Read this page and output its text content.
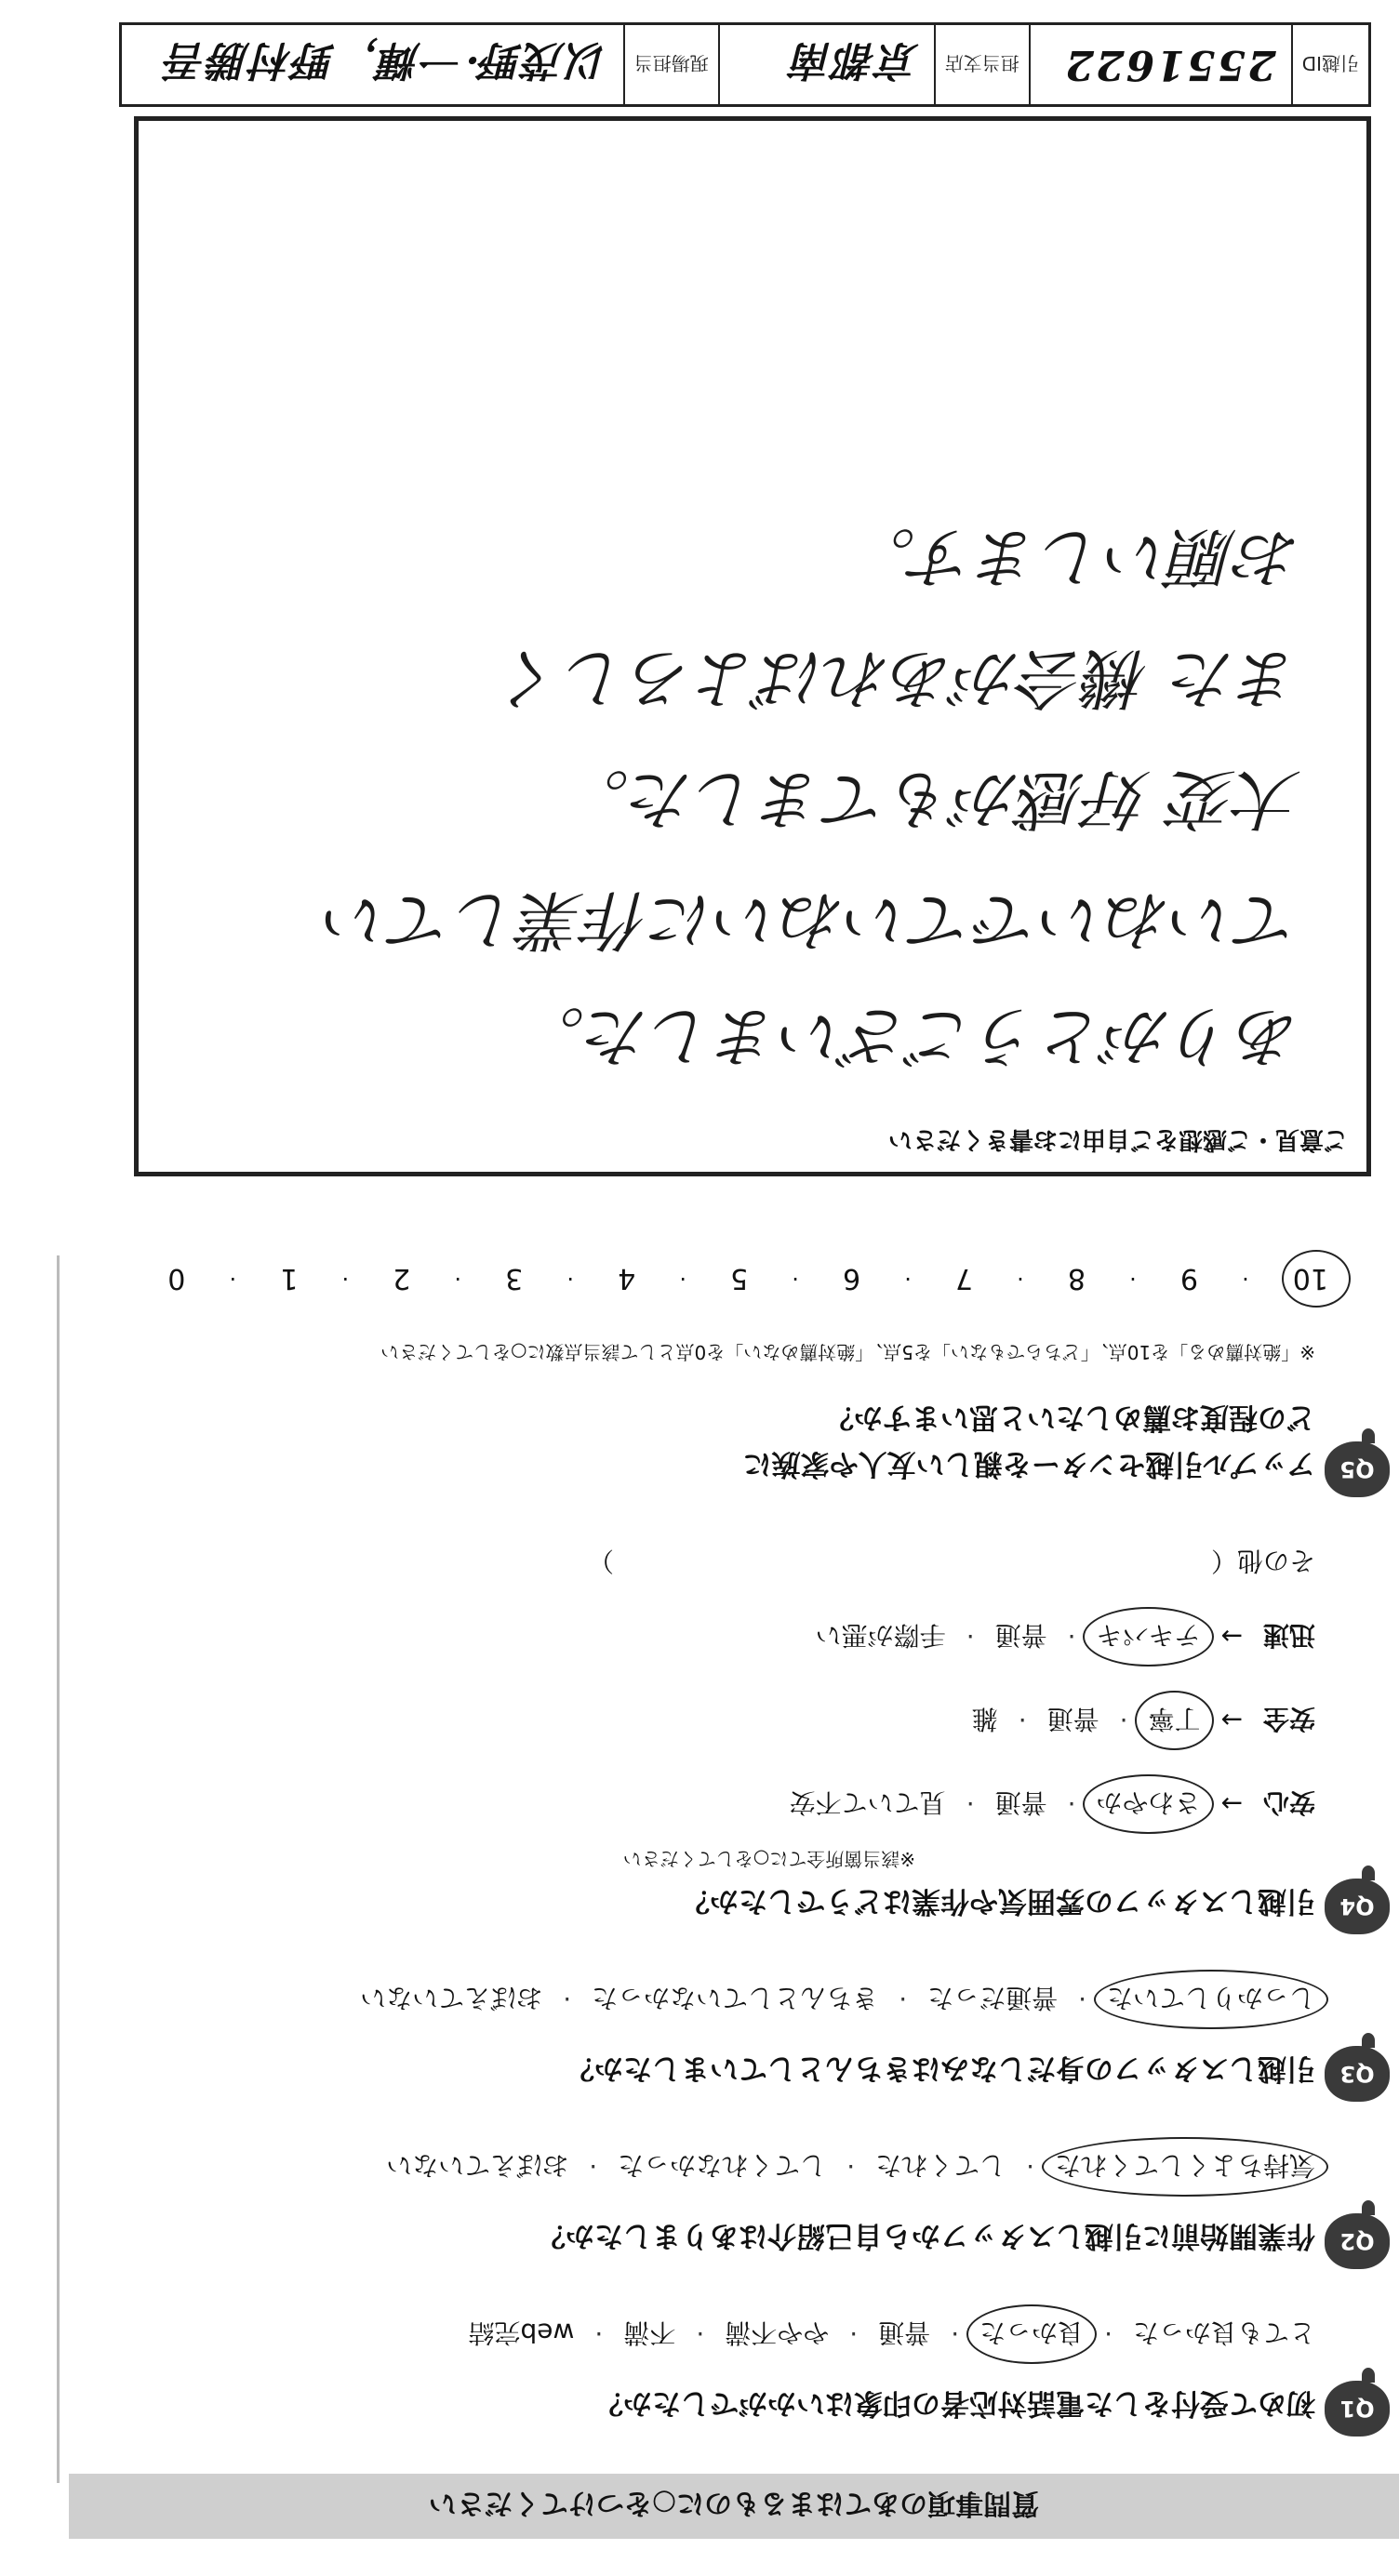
引越ID
2551622
担当支店
京都南
現場担当
以茂野·一輝，野村勝吾
ご意見・ご感想をご自由にお書きください
ありがとうございました。
ていねいでていねいに作業してい
大変 好感がもてました。
また 機会があればよろしく
お願いします。
10
·
9
·
8
·
7
·
6
·
5
·
4
·
3
·
2
·
1
·
0
※「絶対薦める」を10点、「どちらでもない」を5点、「絶対薦めない」を0点として該当点数に○をしてください
Q5
どの程度お薦めしたいと思いますか？
アップル引越センターを親しい友人や家族に
その他（
）
迅速
→
テキパキ
·
普通
·
手際が悪い
安全
→
丁寧
·
普通
·
雑
安心
→
さわやか
·
普通
·
見ていて不安
※該当箇所全てに○をしてください
Q4
引越しスタッフの雰囲気や作業はどうでしたか？
しっかりしていた
·
普通だった
·
きちんとしていなかった
·
おぼえていない
Q3
引越しスタッフの身だしなみはきちんとしていましたか？
気持ちよくしてくれた
·
してくれた
·
してくれなかった
·
おぼえていない
Q2
作業開始前に引越しスタッフから自己紹介はありましたか？
とても良かった
·
良かった
·
普通
·
やや不満
·
不満
·
web完結
Q1
初めて受付をした電話対応者の印象はいかがでしたか？
質問事項のあてはまるものに○をつけてください
